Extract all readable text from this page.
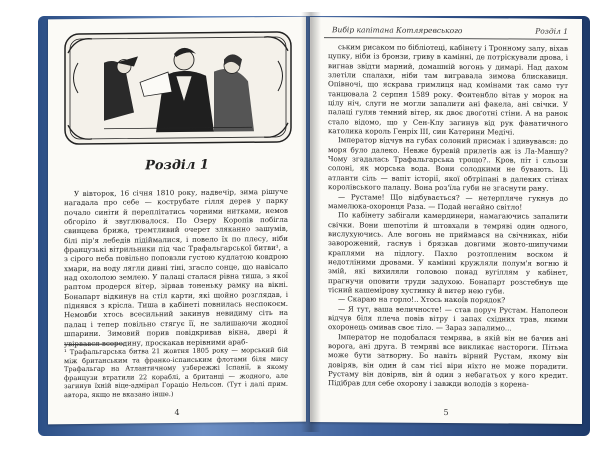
Розділ 1

У вівторок, 16 січня 1810 року, надвечір, зима рішуче нагадала про себе — кострубате гілля дерев у парку почало синіти й переплітатись чорними нитками, немов обгоріло й звуглювалося. По Озеру Коропів побігла свинцева брижа, тремтливий очерет зляканно зашумів, білі пір'я лебедів підіймалися, і повело їх по плесу, ніби французькі вітрильники під час Трафальгарської битви¹, а з сірого неба повільно поповзли густою кудлатою ковдрою хмари, на воду лягли дивні тіні, згасло сонце, що навісало над охололою землею. У палаці сталася рівна тиша, з якої раптом продерся вітер, зірвав тоненьку рамку на вікні. Бонапарт відкинув на стіл карти, які щойно розглядав, і піднявся з крісла. Тиша в кабінеті повнилась неспокоєм. Немовби хтось всесильний закинув невидиму сіть на палац і тепер повільно стягує її, не залишаючи жодної шпарини. Зимовий порив повідкривав вікна, двері й увірвався всередину, проскакав нерівними араб-

¹ Трафальгарська битва 21 жовтня 1805 року — морський бій між британським та франко-іспанським флотами біля мису Трафальгар на Атлантичному узбережжі Іспанії, в якому французи втратили 22 кораблі, а британці — жодного, але загинув їхній віце-адмірал Гораціо Нельсон. (Тут і далі прим. автора, якщо не вказано інше.)
4
Вибір капітана Котляревського	Розділ 1

ським рисаком по бібліотеці, кабінету і Тронному залу, віхав цупку, ніби із бронзи, гриву в камінні, де потріскували дрова, і вигнав звідти марний, домашній вогонь у димарі. Над дахом злетіли спалахи, ніби там вигравала зимова блискавиця. Опівночі, що яскрава гримлиця над комінами так само тут танцювала 2 серпня 1589 року. Фонтенбло вітав у морок на цілу ніч, слуги не могли запалити ані факела, ані свічки. У палаці гуляв темний вітер, як двоє двоґотні стіни. А на ранок стало відомо, що у Сен-Клу загинув від рук фанатичного католика король Генріх ІІІ, син Катерини Медічі.

Імператор відчув на губах солоний присмак і здивувався: до моря було далеко. Невже буревій прилетів аж із Ла-Маншу? Чому згадалась Трафальгарська трощо?.. Кров, піт і сльози солоні, як морська вода. Вони солодкими не бувають. Ці атланти сіль — вапіт історії, якої обтріпані в далеких стінах королівського палацу. Вона роз'їла губи не згаснути рану.

— Рустаме! Що відбувається? — нетерпляче гукнув до мамелюка-охоронця Раза. — Подай негайно світло!

По кабінету забігали камердинери, намагаючись запалити свічки. Вони шепотіли й штовхали в темряві один одного, вислухуючись. Але вогонь не приймався на свічниках, ніби заворожений, гаснув і брязкав довгими жовто-шипучими краплями на підлогу. Пахло розтопленим воском й недотліними дровами. У камінні кружляли полум'я вогню й змій, які вихиляли головою понад вугіллям у кабінет, прагнучи оповити труди задухою. Бонапарт розстебнув ще тісний кашемірову хустинку й витер нею губи.

— Скараю на горло!.. Хтось накоїв порядок?

— Я тут, ваша величносте! — став поруч Рустам. Наполеон відчув біля плеча повів вітру і запах східних трав, якими охоронець омивав своє тіло. — Зараз запалимо...

Імператор не подобалася темрява, в якій він не бачив ані ворога, ані друга. В темряві все викликає настороги. Пітьма може бути затворну. Бо навіть вірний Рустам, якому він довіряв, він один й сам тієї віри ніхто не може порадити. Рустаму він довіряв, він й один з небагатьох у кого кредит. Підібрав для себе охорону і завжди володів з корена-

5
